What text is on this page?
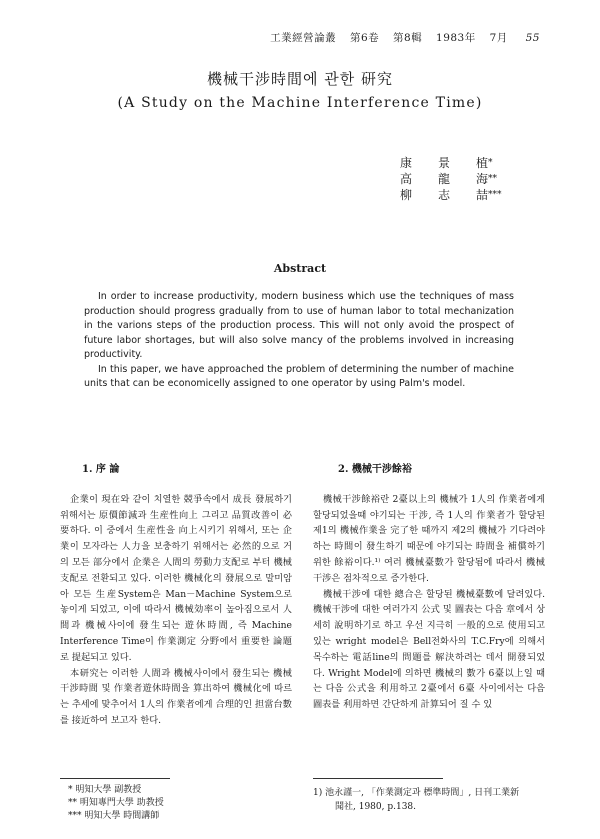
工業經營論叢 第6卷 第8輯 1983年 7月 55
機械干涉時間에 관한 研究
(A Study on the Machine Interference Time)
康	景	植 *
高	龍	海 **
柳	志	喆 ***
Abstract

In order to increase productivity, modern business which use the techniques of mass production should progress gradually from to use of human labor to total mechanization in the varions steps of the production process. This will not only avoid the prospect of future labor shortages, but will also solve mancy of the problems involved in increasing productivity.

In this paper, we have approached the problem of determining the number of machine units that can be economicelly assigned to one operator by using Palm's model.

1. 序 論

企業이 現在와 같이 치열한 競爭속에서 成長 發展하기 위해서는 原價節減과 生産性向上 그리고 品質改善이 必要하다. 이 중에서 生産性을 向上시키기 위해서, 또는 企業이 모자라는 人力을 보충하기 위해서는 必然的으로 거의 모든 部分에서 企業은 人間의 勞動力支配로 부터 機械支配로 전환되고 있다. 이러한 機械化의 發展으로 말미암아 모든 生産System은 Man－Machine System으로 놓이게 되었고, 이에 따라서 機械効率이 높아짐으로서 人間과 機械사이에 發生되는 遊休時間, 즉 Machine Interference Time이 作業測定 分野에서 重要한 論題로 提起되고 있다.

本研究는 이러한 人間과 機械사이에서 發生되는 機械干涉時間 및 作業者遊休時間을 算出하여 機械化에 따르는 추세에 맞추어서 1人의 作業者에게 合理的인 担當台數를 接近하여 보고자 한다.

2. 機械干涉餘裕

機械干涉餘裕란 2臺以上의 機械가 1人의 作業者에게 할당되었을때 야기되는 干涉, 즉 1人의 作業者가 할당된 제1의 機械作業을 完了한 때까지 제2의 機械가 기다려야 하는 時間이 發生하기 때문에 야기되는 時間을 補償하기 위한 餘裕이다.¹⁾ 여러 機械臺數가 할당됨에 따라서 機械干涉은 점차적으로 증가한다.

機械干涉에 대한 總合은 할당된 機械臺數에 달려있다. 機械干涉에 대한 여러가지 公式 및 圖表는 다음 章에서 상세히 說明하기로 하고 우선 지극히 一般的으로 使用되고 있는 wright model은 Bell전화사의 T.C.Fry에 의해서 목수하는 電話line의 問題를 解決하려는 데서 開發되었다. Wright Model에 의하면 機械의 數가 6臺以上일 때는 다음 公式을 利用하고 2臺에서 6臺 사이에서는 다음 圖表를 利用하면 간단하게 計算되어 질 수 있

* 明知大學 副教授
** 明知專門大學 助教授
*** 明知大學 時間講師
1) 池永謹一, 「作業測定과 標準時間」, 日刊工業新
聞社, 1980, p.138.
